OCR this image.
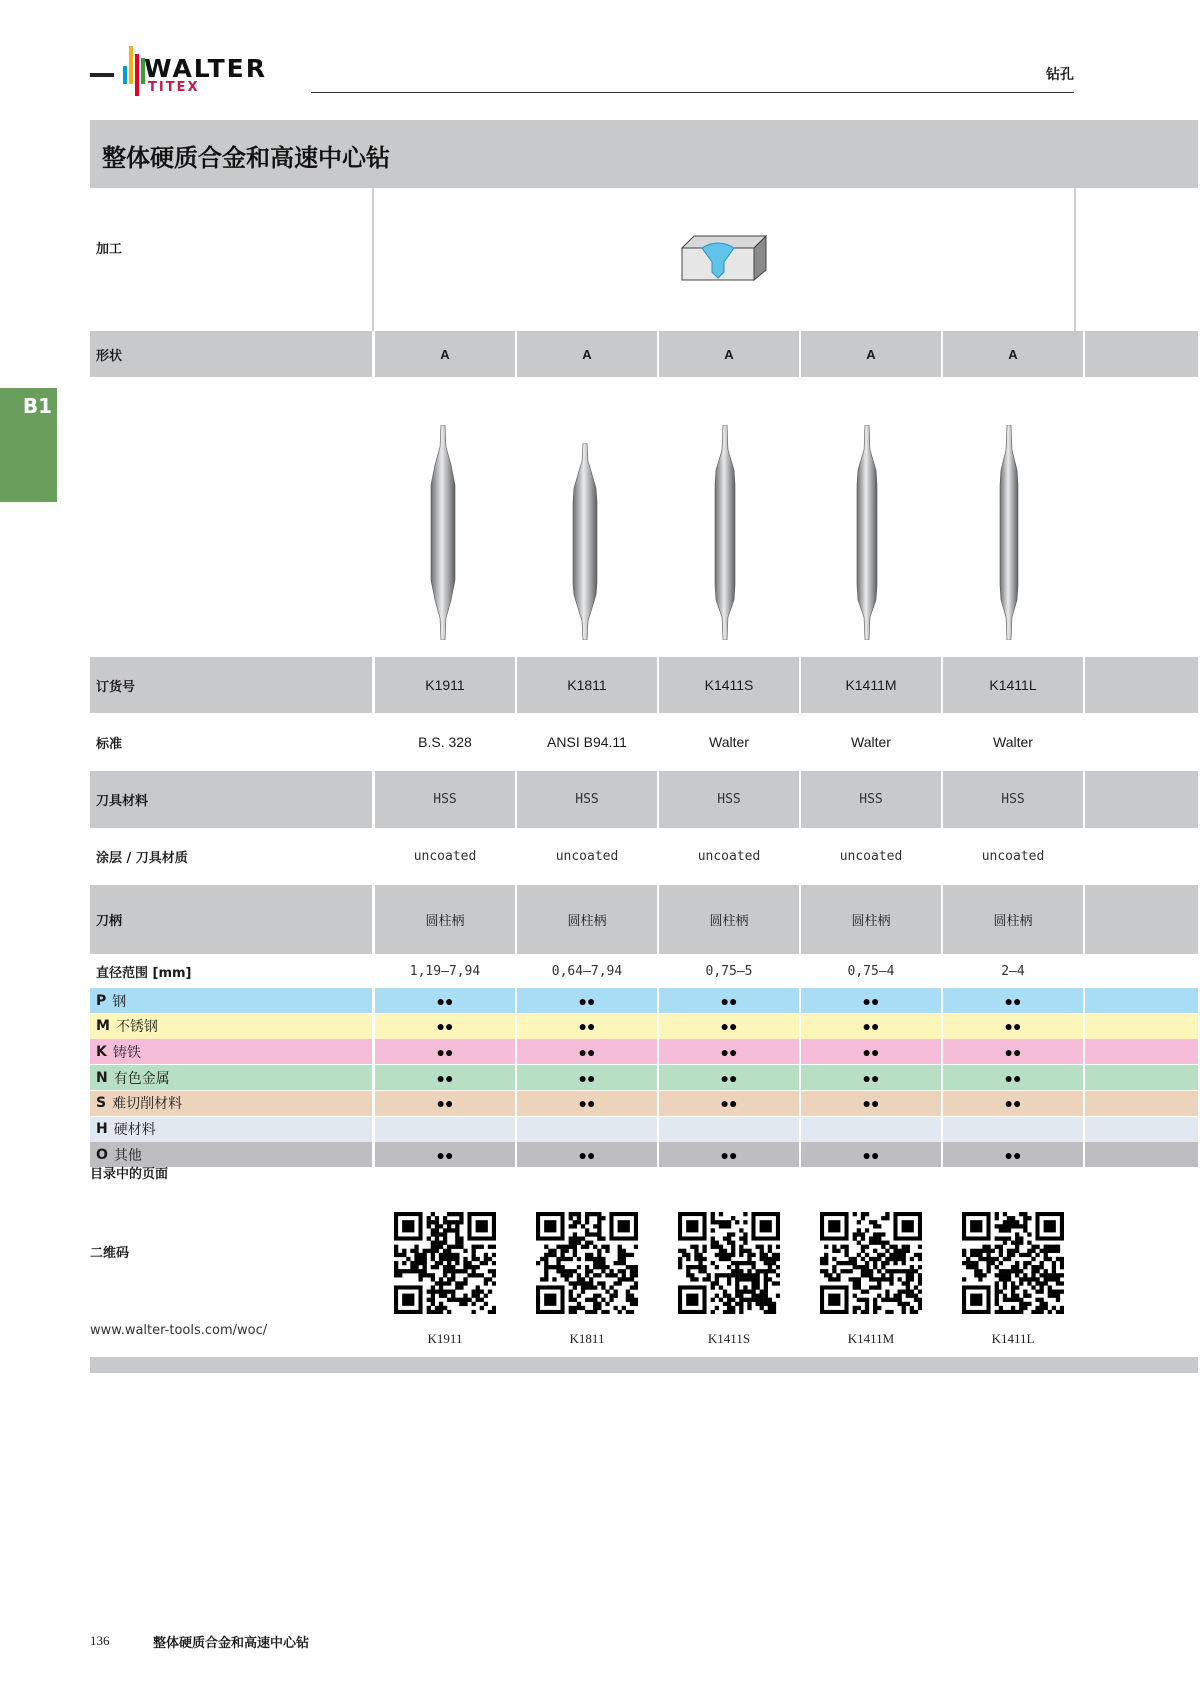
WALTER
TITEX
钻孔
整体硬质合金和高速中心钻
B1
加工
形状	A	A	A	A	A
订货号	K1911	K1811	K1411S	K1411M	K1411L
标准	B.S. 328	ANSI B94.11	Walter	Walter	Walter
刀具材料	HSS	HSS	HSS	HSS	HSS
涂层 / 刀具材质	uncoated	uncoated	uncoated	uncoated	uncoated
刀柄	圆柱柄	圆柱柄	圆柱柄	圆柱柄	圆柱柄
直径范围 [mm]	1,19–7,94	0,64–7,94	0,75–5	0,75–4	2–4
P 钢	●●	●●	●●	●●	●●
M 不锈钢	●●	●●	●●	●●	●●
K 铸铁	●●	●●	●●	●●	●●
N 有色金属	●●	●●	●●	●●	●●
S 难切削材料	●●	●●	●●	●●	●●
H 硬材料
O 其他	●●	●●	●●	●●	●●
目录中的页面
二维码
www.walter-tools.com/woc/
K1911	K1811	K1411S	K1411M	K1411L
136	整体硬质合金和高速中心钻
